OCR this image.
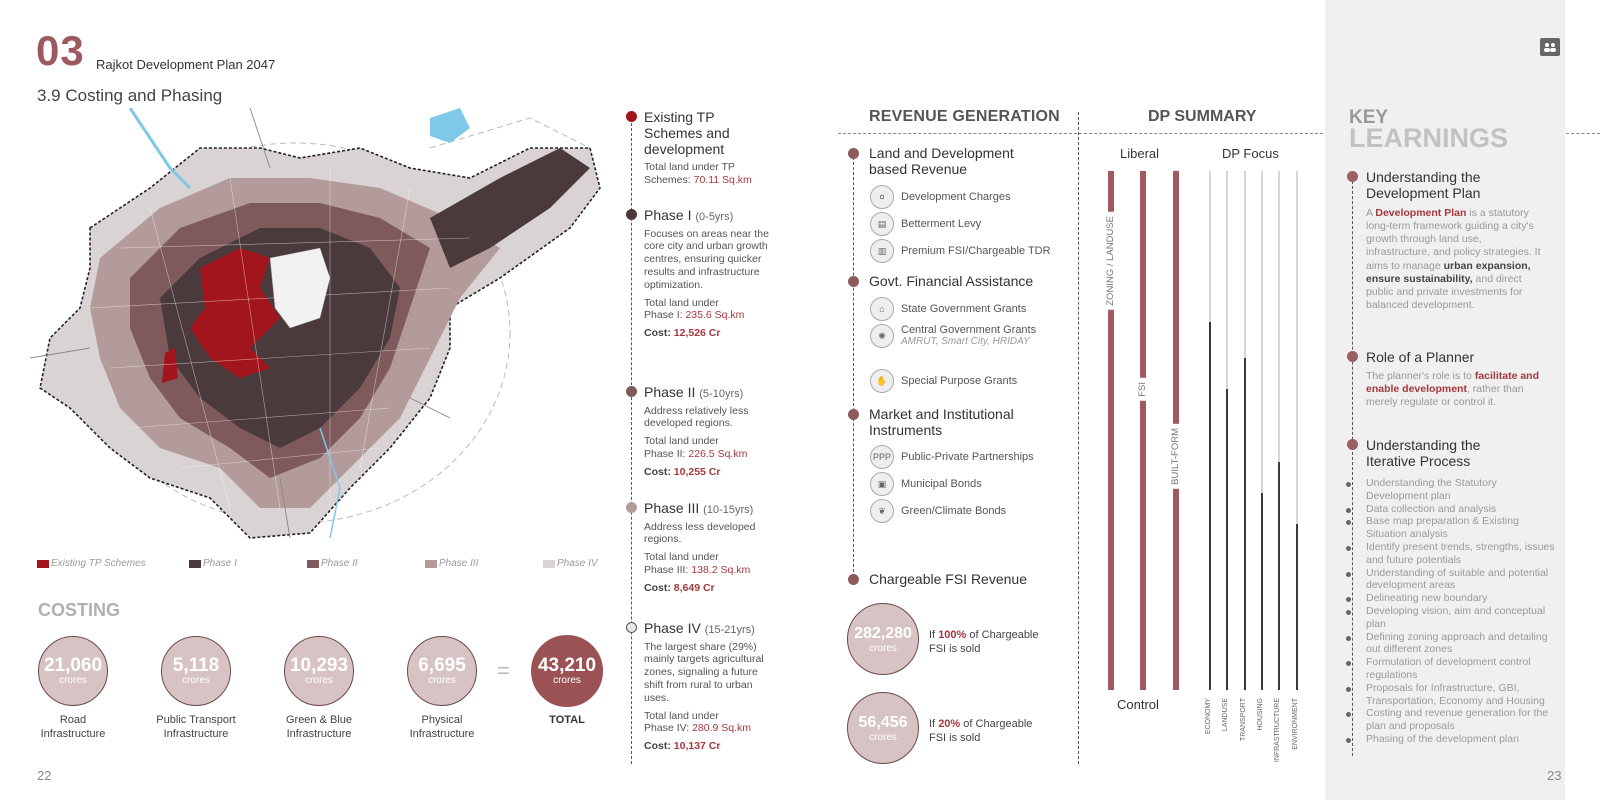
03 Rajkot Development Plan 2047
3.9 Costing and Phasing
Existing TP Schemes	Phase I	Phase II	Phase III	Phase IV
COSTING
21,060
crores
Road
Infrastructure
5,118
crores
Public Transport
Infrastructure
10,293
crores
Green & Blue
Infrastructure
6,695
crores
Physical
Infrastructure
= 43,210
crores
TOTAL
Existing TP
Schemes and
development

Total land under TP
Schemes: 70.11 Sq.km

Phase I (0-5yrs)

Focuses on areas near the core city and urban growth centres, ensuring quicker results and infrastructure optimization.

Total land under
Phase I: 235.6 Sq.km

Cost: 12,526 Cr

Phase II (5-10yrs)

Address relatively less developed regions.

Total land under
Phase II: 226.5 Sq.km

Cost: 10,255 Cr

Phase III (10-15yrs)

Address less developed regions.

Total land under
Phase III: 138.2 Sq.km

Cost: 8,649 Cr

Phase IV (15-21yrs)

The largest share (29%) mainly targets agricultural zones, signaling a future shift from rural to urban uses.

Total land under
Phase IV: 280.9 Sq.km

Cost: 10,137 Cr

REVENUE GENERATION	DP SUMMARY
Land and Development
based Revenue
¤	Development Charges
▤	Betterment Levy
▥	Premium FSI/Chargeable TDR
Govt. Financial Assistance
⌂	State Government Grants
✺	Central Government Grants
AMRUT, Smart City, HRIDAY
✋	Special Purpose Grants
Market and Institutional
Instruments
PPP Public-Private Partnerships
▣	Municipal Bonds
❦	Green/Climate Bonds
Chargeable FSI Revenue
282,280
crores
If 100% of Chargeable
FSI is sold
56,456
crores
If 20% of Chargeable
FSI is sold
Liberal	DP Focus
ZONING / LANDUSE
FSI
BUILT-FORM
Control	ECONOMY LANDUSE TRANSPORT HOUSING INFRASTRUCTURE ENVIRONMENT
KEY
LEARNINGS
Understanding the
Development Plan
A Development Plan is a statutory long-term framework guiding a city's growth through land use, infrastructure, and policy strategies. It aims to manage urban expansion, ensure sustainability, and direct public and private investments for balanced development.
Role of a Planner
The planner's role is to facilitate and enable development, rather than merely regulate or control it.
Understanding the
Iterative Process
Understanding the Statutory Development plan
Data collection and analysis
Base map preparation & Existing Situation analysis
Identify present trends, strengths, issues and future potentials
Understanding of suitable and potential development areas
Delineating new boundary
Developing vision, aim and conceptual plan
Defining zoning approach and detailing out different zones
Formulation of development control regulations
Proposals for Infrastructure, GBI, Transportation, Economy and Housing
Costing and revenue generation for the plan and proposals
Phasing of the development plan
22	23
